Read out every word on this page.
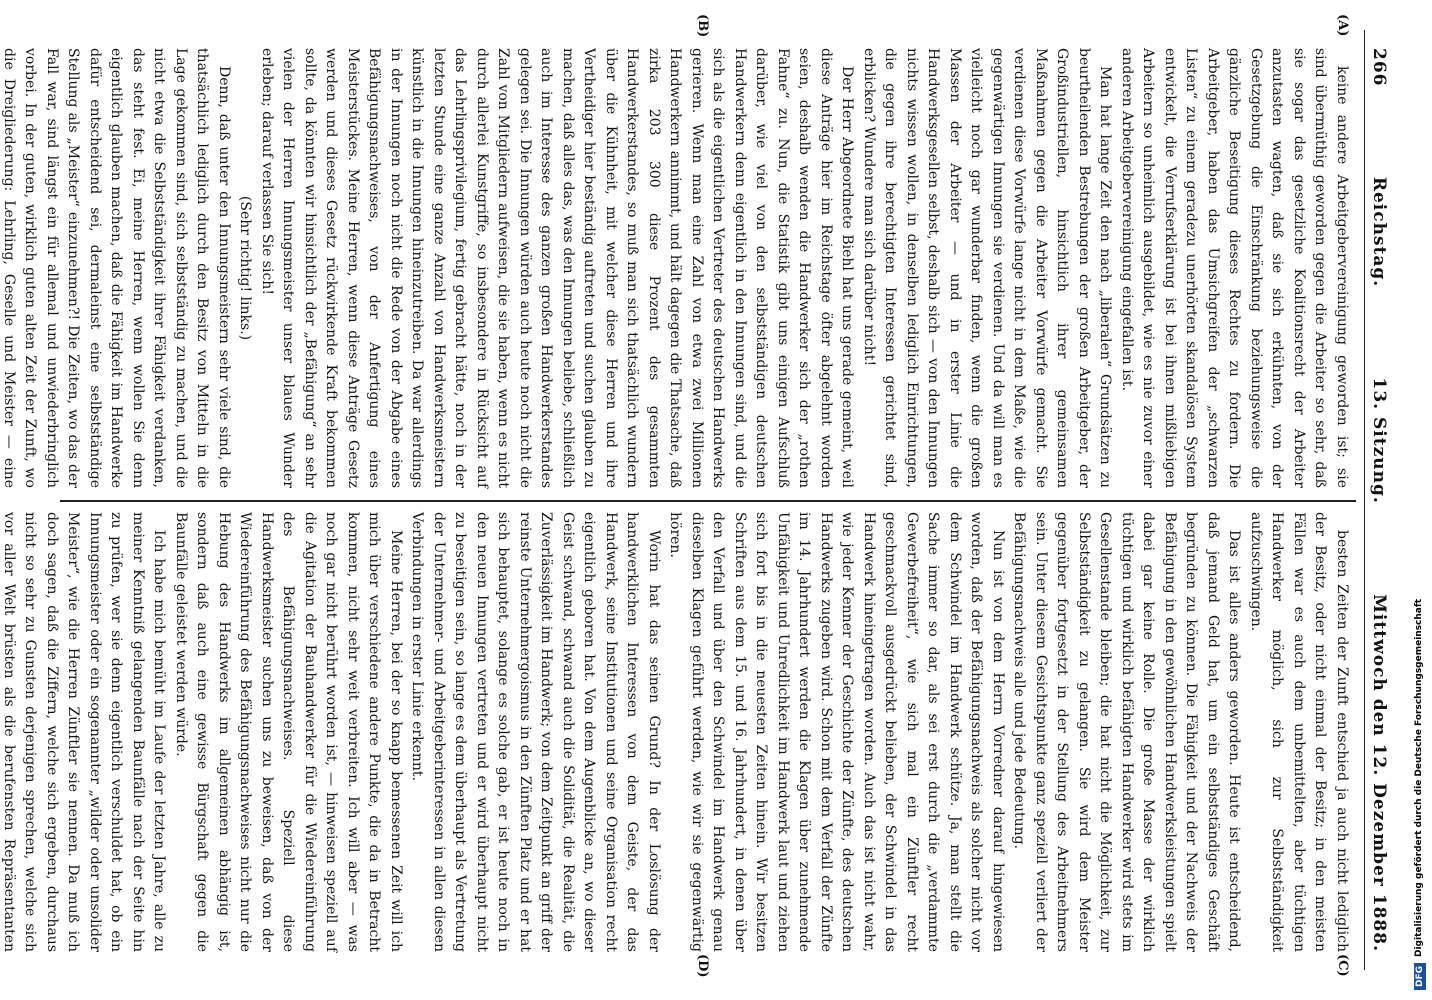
266
Reichstag.
13. Sitzung.
Mittwoch den 12. Dezember 1888.
(A)
(B)
(C)
(D)

keine andere Arbeitgebervereinigung geworden ist; sie sind übermüthig geworden gegen die Arbeiter so sehr, daß sie sogar das gesetzliche Koalitionsrecht der Arbeiter anzutasten wagten, daß sie sich erkühnten, von der Gesetzgebung die Einschränkung beziehungsweise die gänzliche Beseitigung dieses Rechtes zu fordern. Die Arbeitgeber, haben das Umsichgreifen der „schwarzen Listen“ zu einem geradezu unerhörten skandalösen System entwickelt, die Verrufserklärung ist bei ihnen mißliebigen Arbeitern so unheimlich ausgebildet, wie es nie zuvor einer anderen Arbeitgebervereinigung eingefallen ist.

Man hat lange Zeit den nach „liberalen“ Grundsätzen zu beurtheilenden Bestrebungen der großen Arbeitgeber, der Großindustriellen, hinsichtlich ihrer gemeinsamen Maßnahmen gegen die Arbeiter Vorwürfe gemacht. Sie verdienen diese Vorwürfe lange nicht in dem Maße, wie die gegenwärtigen Innungen sie verdienen. Und da will man es vielleicht noch gar wunderbar finden, wenn die großen Massen der Arbeiter — und in erster Linie die Handwerksgesellen selbst, deshalb sich — von den Innungen nichts wissen wollen, in denselben lediglich Einrichtungen, die gegen ihre berechtigten Interessen gerichtet sind, erblicken? Wundere man sich darüber nicht!

Der Herr Abgeordnete Biehl hat uns gerade gemeint, weil diese Anträge hier im Reichstage öfter abgelehnt worden seien, deshalb wenden die Handwerker sich der „rothen Fahne“ zu. Nun, die Statistik gibt uns einigen Aufschluß darüber, wie viel von den selbstständigen deutschen Handwerkern denn eigentlich in den Innungen sind, und die sich als die eigentlichen Vertreter des deutschen Handwerks gerieren. Wenn man eine Zahl von etwa zwei Millionen Handwerkern annimmt, und hält dagegen die Thatsache, daß zirka 203 300 diese Prozent des gesammten Handwerkerstandes, so muß man sich thatsächlich wundern über die Kühnheit, mit welcher diese Herren und ihre Vertheidiger hier beständig auftreten und suchen glauben zu machen, daß alles das, was den Innungen beliebe, schließlich auch im Interesse des ganzen großen Handwerkerstandes gelegen sei. Die Innungen würden auch heute noch nicht die Zahl von Mitgliedern aufweisen, die sie haben, wenn es nicht durch allerlei Kunstgriffe, so insbesondere in Rücksicht auf das Lehrlingsprivilegium, fertig gebracht hätte, noch in der letzten Stunde eine ganze Anzahl von Handwerksmeistern künstlich in die Innungen hineinzutreiben. Da war allerdings in der Innungen noch nicht die Rede von der Abgabe eines Befähigungsnachweises, von der Anfertigung eines Meisterstückes. Meine Herren, wenn diese Anträge Gesetz werden und dieses Gesetz rückwirkende Kraft bekommen sollte, da könnten wir hinsichtlich der „Befähigung“ an sehr vielen der Herren Innungsmeister unser blaues Wunder erleben; darauf verlassen Sie sich!

(Sehr richtig! links.)

Denn, daß unter den Innungsmeistern sehr viele sind, die thatsächlich lediglich durch den Besitz von Mitteln in die Lage gekommen sind, sich selbstständig zu machen, und die nicht etwa die Selbstständigkeit ihrer Fähigkeit verdanken, das steht fest. Ei, meine Herren, wenn wollen Sie denn eigentlich glauben machen, daß die Fähigkeit im Handwerke dafür entscheidend sei, dermaleinst eine selbstständige Stellung als „Meister“ einzunehmen?! Die Zeiten, wo das der Fall war, sind längst ein für allemal und unwiederbringlich vorbei. In der guten, wirklich guten alten Zeit der Zunft, wo die Dreigliederung: Lehrling, Geselle und Meister — eine

besten Zeiten der Zunft entschied ja auch nicht lediglich der Besitz, oder nicht einmal der Besitz; in den meisten Fällen war es auch dem unbemittelten, aber tüchtigen Handwerker möglich, sich zur Selbstständigkeit aufzuschwingen.

Das ist alles anders geworden. Heute ist entscheidend, daß jemand Geld hat, um ein selbstständiges Geschäft begründen zu können. Die Fähigkeit und der Nachweis der Befähigung in den gewöhnlichen Handwerksleistungen spielt dabei gar keine Rolle. Die große Masse der wirklich tüchtigen und wirklich befähigten Handwerker wird stets im Gesellenstande bleiben; die hat nicht die Möglichkeit, zur Selbstständigkeit zu gelangen. Sie wird dem Meister gegenüber fortgesetzt in der Stellung des Arbeitnehmers sein. Unter diesem Gesichtspunkte ganz speziell verliert der Befähigungsnachweis alle und jede Bedeutung.

Nun ist von dem Herrn Vorredner darauf hingewiesen worden, daß der Befähigungsnachweis als solcher nicht vor dem Schwindel im Handwerk schütze. Ja, man stellt die Sache immer so dar, als sei erst durch die „verdammte Gewerbefreiheit“, wie sich mal ein Zünftler recht geschmackvoll ausgedrückt belieben, der Schwindel in das Handwerk hineingetragen worden. Auch das ist nicht wahr, wie jeder Kenner der Geschichte der Zünfte, des deutschen Handwerks zugeben wird. Schon mit dem Verfall der Zünfte im 14. Jahrhundert werden die Klagen über zunehmende Unfähigkeit und Unredlichkeit im Handwerk laut und ziehen sich fort bis in die neuesten Zeiten hinein. Wir besitzen Schriften aus dem 15. und 16. Jahrhundert, in denen über den Verfall und über den Schwindel im Handwerk genau dieselben Klagen geführt werden, wie wir sie gegenwärtig hören.

Worin hat das seinen Grund? In der Loslösung der handwerklichen Interessen von dem Geiste, der das Handwerk, seine Institutionen und seine Organisation recht eigentlich geboren hat. Von dem Augenblicke an, wo dieser Geist schwand, schwand auch die Solidität, die Realität, die Zuverlässigkeit im Handwerk; von dem Zeitpunkt an griff der reinste Unternehmergoismus in den Zünften Platz und er hat sich behauptet, solange es solche gab, er ist heute noch in den neuen Innungen vertreten und er wird überhaupt nicht zu beseitigen sein, so lange es dem überhaupt als Vertretung der Unternehmer- und Arbeitgeberinteressen in allen diesen Verbindungen in erster Linie erkennt.

Meine Herren, bei der so knapp bemessenen Zeit will ich mich über verschiedene andere Punkte, die da in Betracht kommen, nicht sehr weit verbreiten. Ich will aber — was noch gar nicht berührt worden ist, — hinweisen speziell auf die Agitation der Bauhandwerker für die Wiedereinführung des Befähigungsnachweises. Speziell diese Handwerksmeister suchen uns zu beweisen, daß von der Wiedereinführung des Befähigungsnachweises nicht nur die Hebung des Handwerks im allgemeinen abhängig ist, sondern daß auch eine gewisse Bürgschaft gegen die Baunfälle geleistet werden würde.

Ich habe mich bemüht im Laufe der letzten Jahre, alle zu meiner Kenntniß gelangenden Baunfälle nach der Seite hin zu prüfen, wer sie denn eigentlich verschuldet hat, ob ein Innungsmeister oder ein sogenannter „wilder oder unsolider Meister“, wie die Herren Zünftler sie nennen. Da muß ich doch sagen, daß die Ziffern, welche sich ergeben, durchaus nicht so sehr zu Gunsten derjenigen sprechen, welche sich vor aller Welt brüsten als die berufensten Repräsentanten

DFG
Digitalisierung gefördert durch die Deutsche Forschungsgemeinschaft
